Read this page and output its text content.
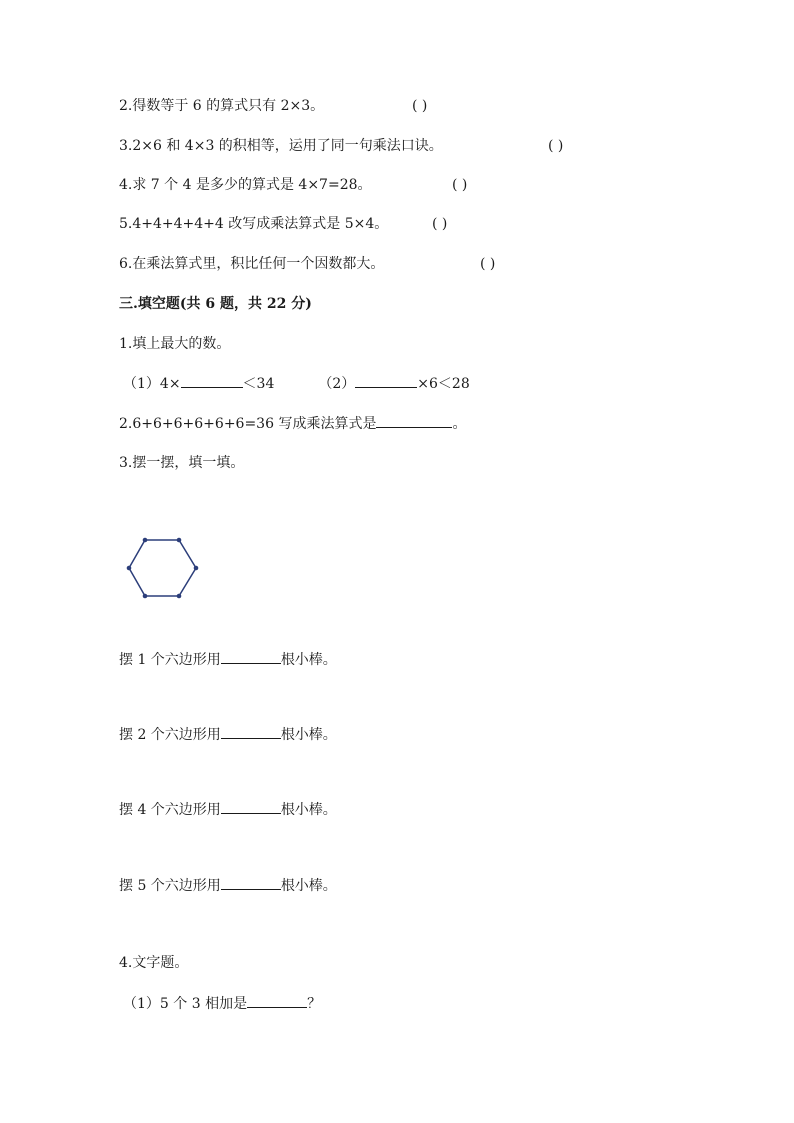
2.得数等于 6 的算式只有 2×3。	( )
3.2×6 和 4×3 的积相等，运用了同一句乘法口诀。	( )
4.求 7 个 4 是多少的算式是 4×7=28。	( )
5.4+4+4+4+4 改写成乘法算式是 5×4。	( )
6.在乘法算式里，积比任何一个因数都大。	( )
三.填空题(共 6 题，共 22 分)
1.填上最大的数。
（1）4×	＜34	（2）	×6＜28
2.6+6+6+6+6+6=36 写成乘法算式是	。
3.摆一摆，填一填。
摆 1 个六边形用	根小棒。
摆 2 个六边形用	根小棒。
摆 4 个六边形用	根小棒。
摆 5 个六边形用	根小棒。
4.文字题。
（1）5 个 3 相加是	？
